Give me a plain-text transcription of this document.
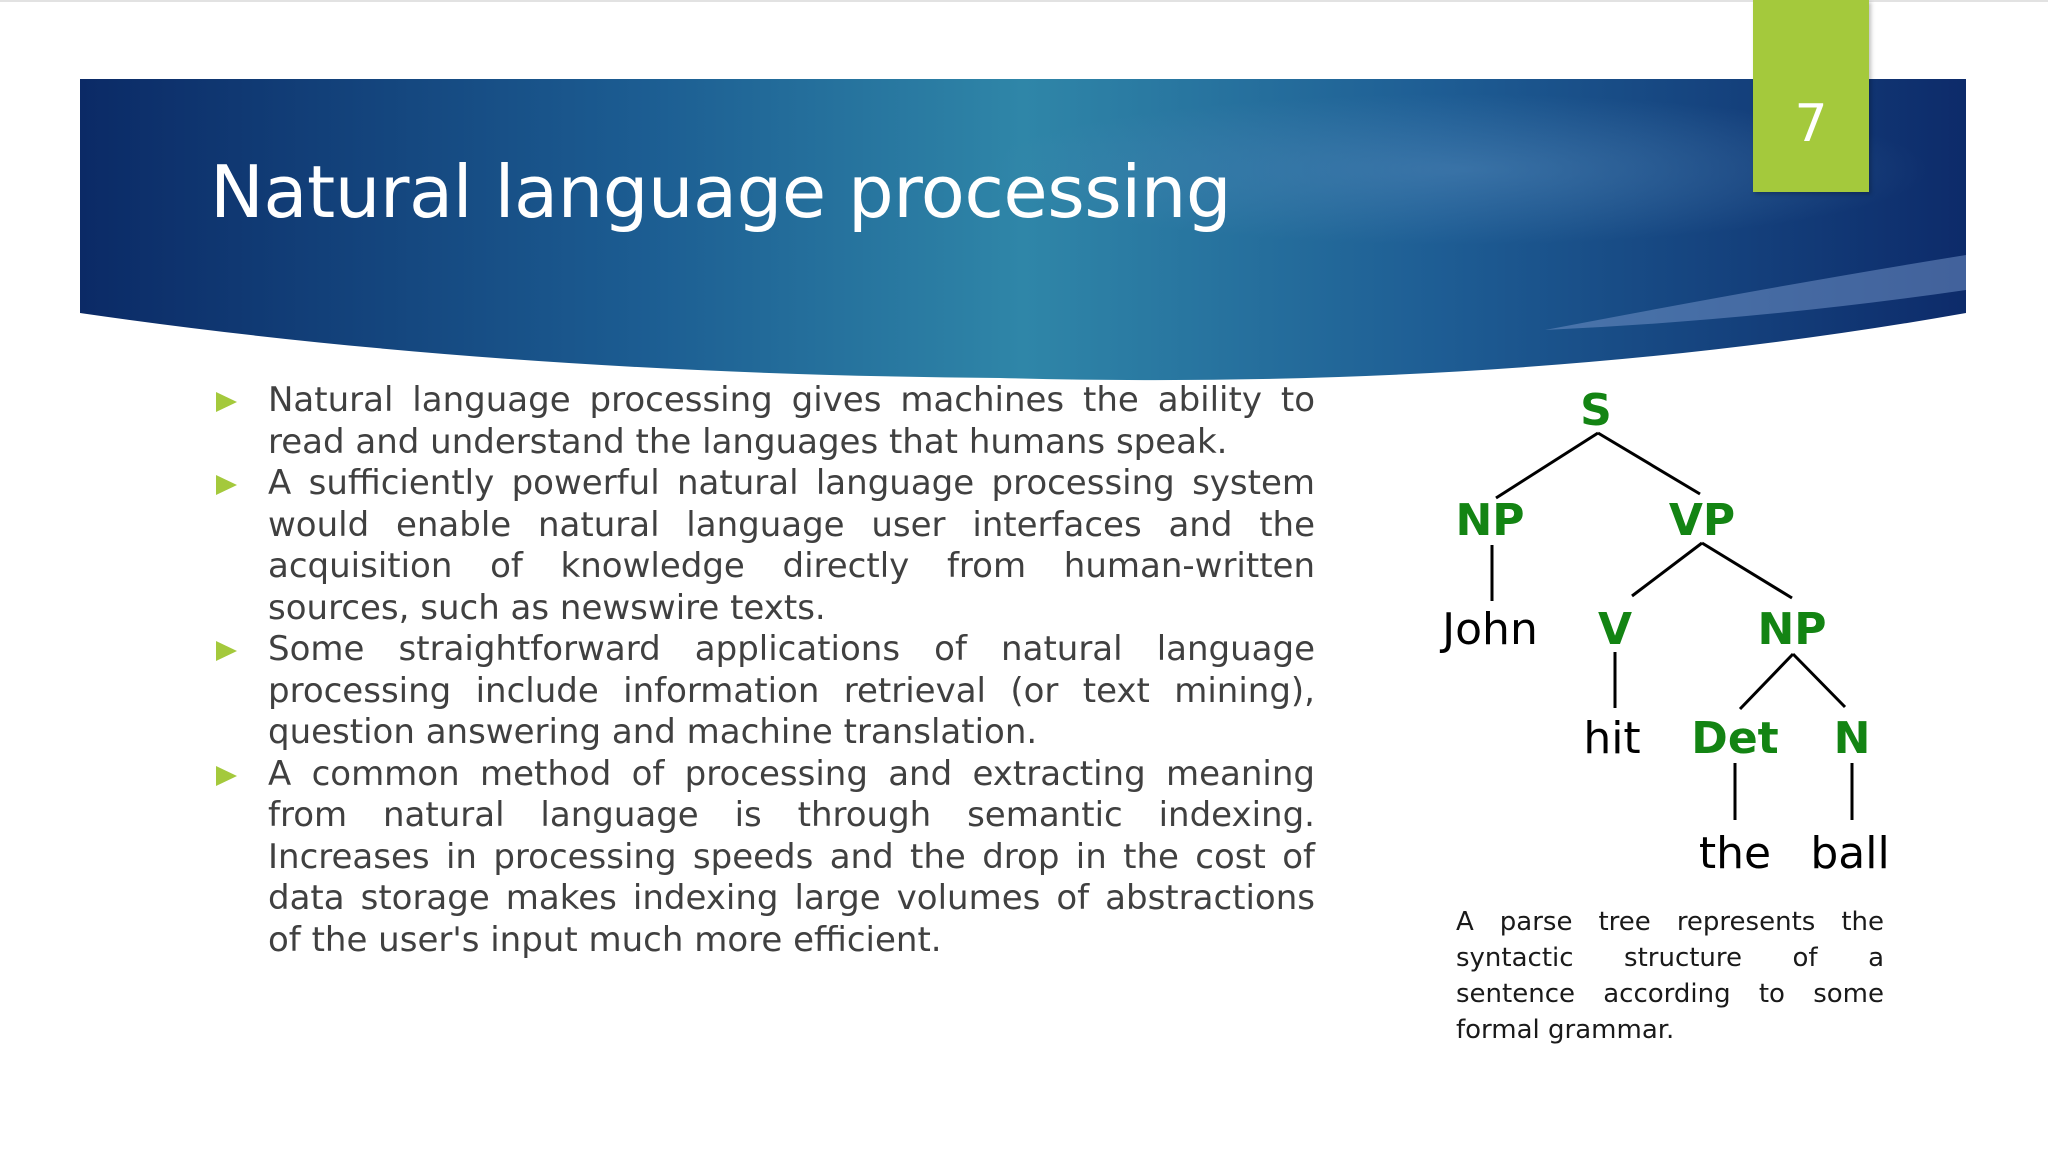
Natural language processing
7
Natural language processing gives machines the ability to read and understand the languages that humans speak.
A sufficiently powerful natural language processing system would enable natural language user interfaces and the acquisition of knowledge directly from human-written sources, such as newswire texts.
Some straightforward applications of natural language processing include information retrieval (or text mining), question answering and machine translation.
A common method of processing and extracting meaning from natural language is through semantic indexing. Increases in processing speeds and the drop in the cost of data storage makes indexing large volumes of abstractions of the user's input much more efficient.
S
NP	VP
John V	NP
hit Det N
the ball
A parse tree represents the syntactic structure of a sentence according to some formal grammar.
